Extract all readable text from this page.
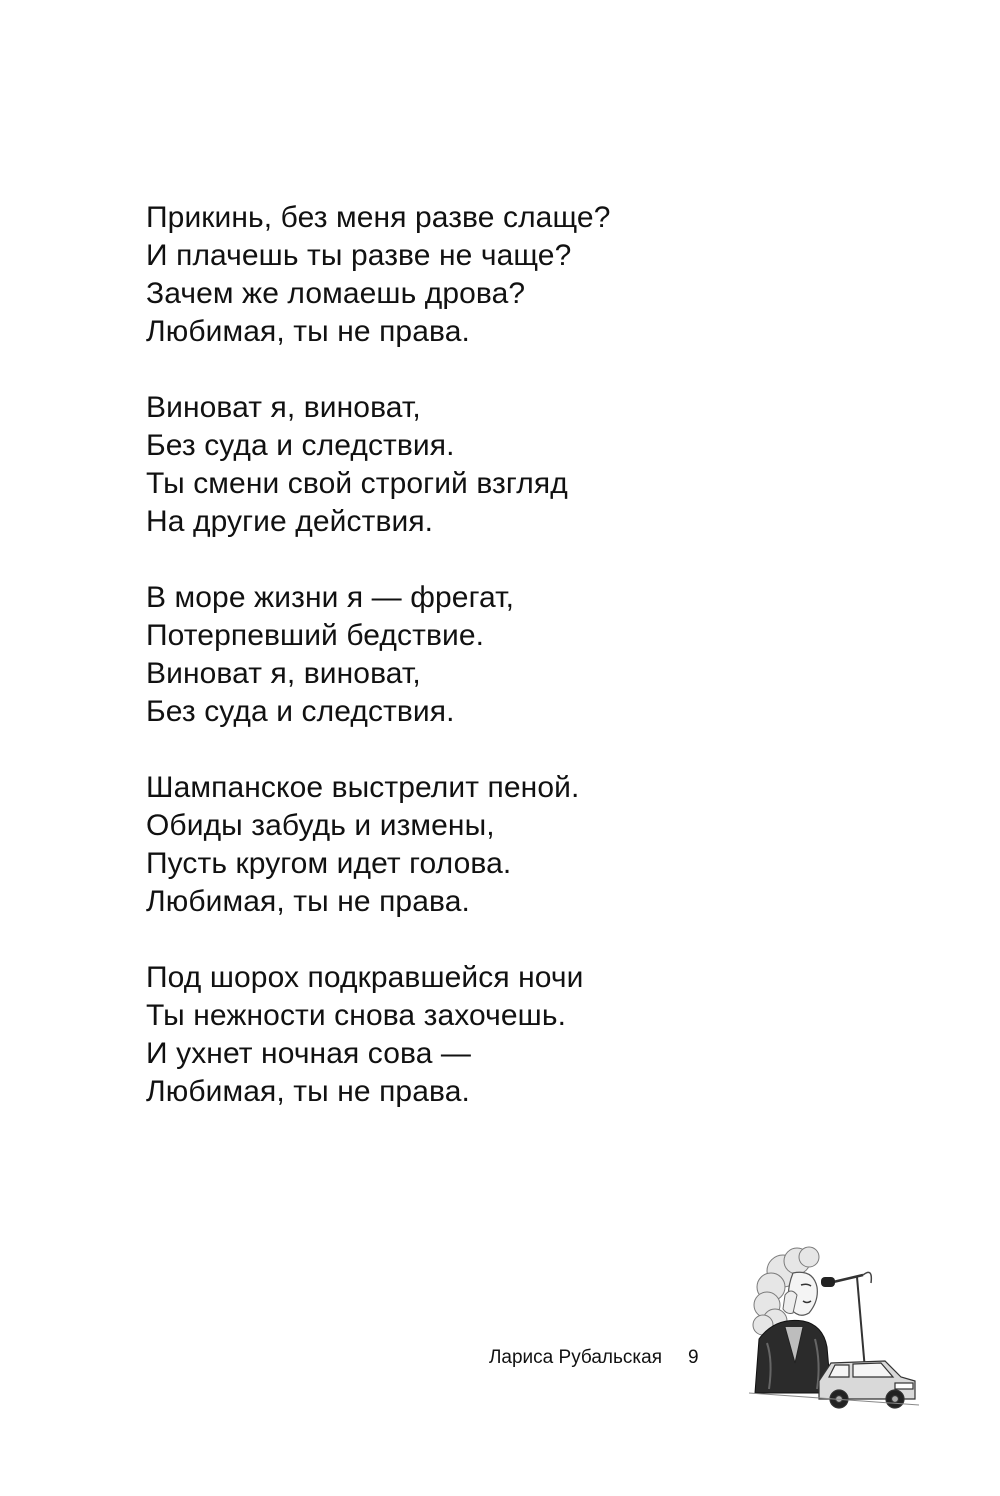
Прикинь, без меня разве слаще?
И плачешь ты разве не чаще?
Зачем же ломаешь дрова?
Любимая, ты не права.
Виноват я, виноват,
Без суда и следствия.
Ты смени свой строгий взгляд
На другие действия.
В море жизни я — фрегат,
Потерпевший бедствие.
Виноват я, виноват,
Без суда и следствия.
Шампанское выстрелит пеной.
Обиды забудь и измены,
Пусть кругом идет голова.
Любимая, ты не права.
Под шорох подкравшейся ночи
Ты нежности снова захочешь.
И ухнет ночная сова —
Любимая, ты не права.
Лариса Рубальская 9
